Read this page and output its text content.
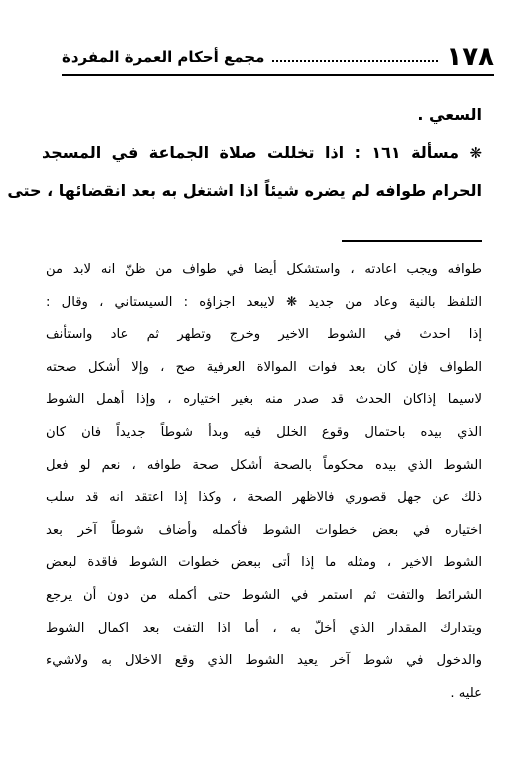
١٧٨
مجمع أحكام العمرة المفردة
السعي .
❋ مسألة ١٦١ : اذا تخللت صلاة الجماعة في المسجد
الحرام طوافه لم يضره شيئاً اذا اشتغل به بعد انقضائها ، حتى
طوافه ويجب اعادته ، واستشكل أيضا في طواف من ظنّ انه لابد من
التلفظ بالنية وعاد من جديد ❋ لايبعد اجزاؤه : السيستاني ، وقال :
إذا احدث في الشوط الاخير وخرج وتطهر ثم عاد واستأنف
الطواف فإن كان بعد فوات الموالاة العرفية صح ، وإلا أشكل صحته
لاسيما إذاكان الحدث قد صدر منه بغير اختياره ، وإذا أهمل الشوط
الذي بيده باحتمال وقوع الخلل فيه وبدأ شوطاً جديداً فان كان
الشوط الذي بيده محكوماً بالصحة أشكل صحة طوافه ، نعم لو فعل
ذلك عن جهل قصوري فالاظهر الصحة ، وكذا إذا اعتقد انه قد سلب
اختياره في بعض خطوات الشوط فأكمله وأضاف شوطاً آخر بعد
الشوط الاخير ، ومثله ما إذا أتى ببعض خطوات الشوط فاقدة لبعض
الشرائط والتفت ثم استمر في الشوط حتى أكمله من دون أن يرجع
ويتدارك المقدار الذي أخلّ به ، أما اذا التفت بعد اكمال الشوط
والدخول في شوط آخر يعيد الشوط الذي وقع الاخلال به ولاشيء
عليه .
